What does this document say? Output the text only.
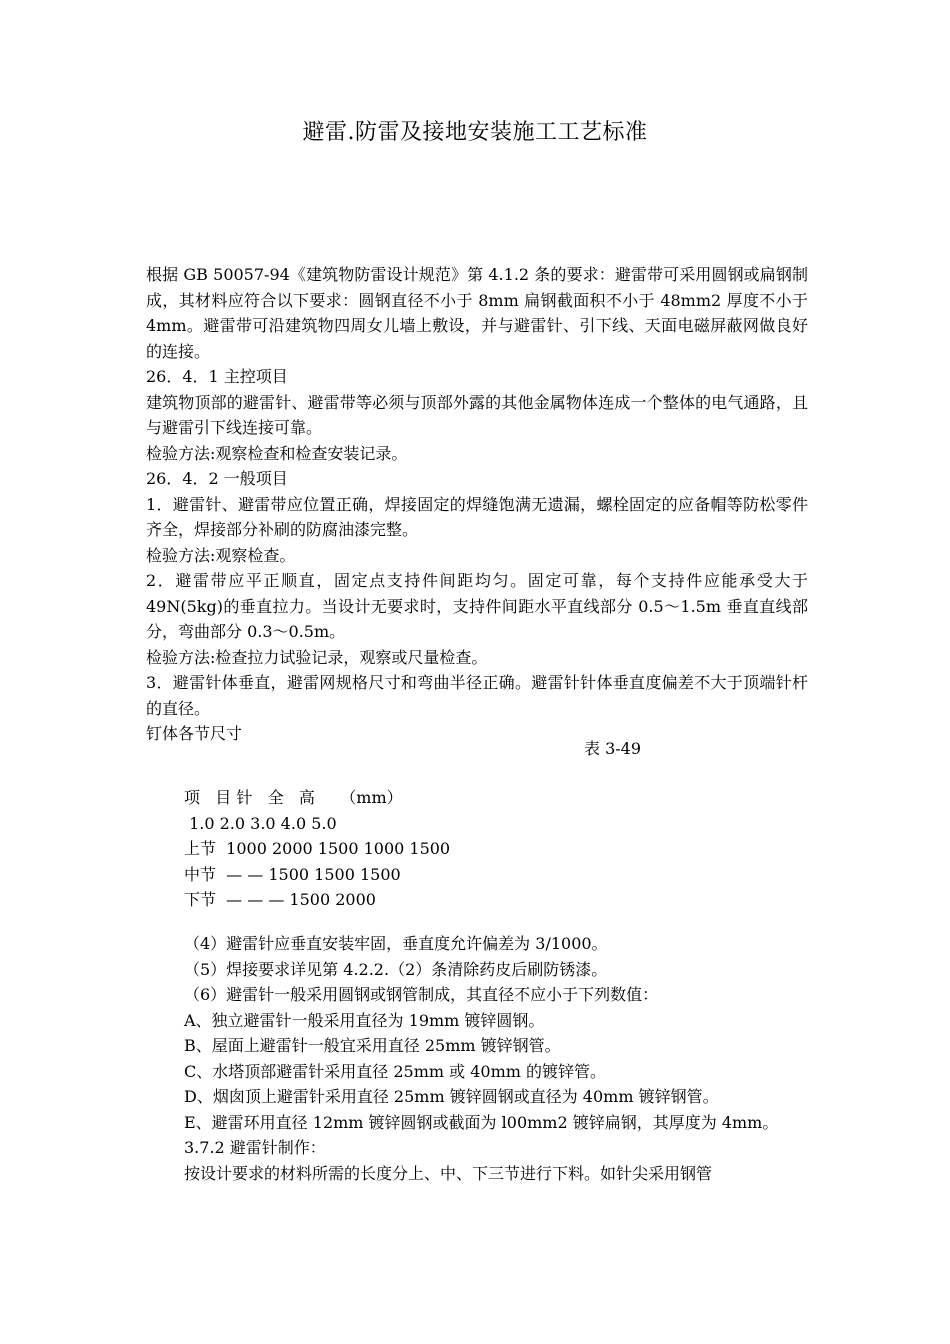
避雷.防雷及接地安装施工工艺标准

根据 GB 50057-94《建筑物防雷设计规范》第 4.1.2 条的要求：避雷带可采用圆钢或扁钢制成，其材料应符合以下要求：圆钢直径不小于 8mm 扁钢截面积不小于 48mm2 厚度不小于 4mm。避雷带可沿建筑物四周女儿墙上敷设，并与避雷针、引下线、天面电磁屏蔽网做良好的连接。

26．4．1 主控项目

建筑物顶部的避雷针、避雷带等必须与顶部外露的其他金属物体连成一个整体的电气通路，且与避雷引下线连接可靠。

检验方法:观察检查和检查安装记录。

26．4．2 一般项目

1．避雷针、避雷带应位置正确，焊接固定的焊缝饱满无遗漏，螺栓固定的应备帽等防松零件齐全，焊接部分补刷的防腐油漆完整。

检验方法:观察检查。

2．避雷带应平正顺直，固定点支持件间距均匀。固定可靠，每个支持件应能承受大于 49N(5kg)的垂直拉力。当设计无要求时，支持件间距水平直线部分 0.5～1.5m 垂直直线部分，弯曲部分 0.3～0.5m。

检验方法:检查拉力试验记录，观察或尺量检查。

3．避雷针体垂直，避雷网规格尺寸和弯曲半径正确。避雷针针体垂直度偏差不大于顶端针杆的直径。

钉体各节尺寸

表 3-49
项   目 针   全   高     （mm）
1.0 2.0 3.0 4.0 5.0
上节  1000 2000 1500 1000 1500
中节  — — 1500 1500 1500
下节  — — — 1500 2000

（4）避雷针应垂直安装牢固，垂直度允许偏差为 3/1000。

（5）焊接要求详见第 4.2.2.（2）条清除药皮后刷防锈漆。

（6）避雷针一般采用圆钢或钢管制成，其直径不应小于下列数值：

A、独立避雷针一般采用直径为 19mm 镀锌圆钢。

B、屋面上避雷针一般宜采用直径 25mm 镀锌钢管。

C、水塔顶部避雷针采用直径 25mm 或 40mm 的镀锌管。

D、烟囱顶上避雷针采用直径 25mm 镀锌圆钢或直径为 40mm 镀锌钢管。

E、避雷环用直径 12mm 镀锌圆钢或截面为 l00mm2 镀锌扁钢，其厚度为 4mm。

3.7.2 避雷针制作：

按设计要求的材料所需的长度分上、中、下三节进行下料。如针尖采用钢管
